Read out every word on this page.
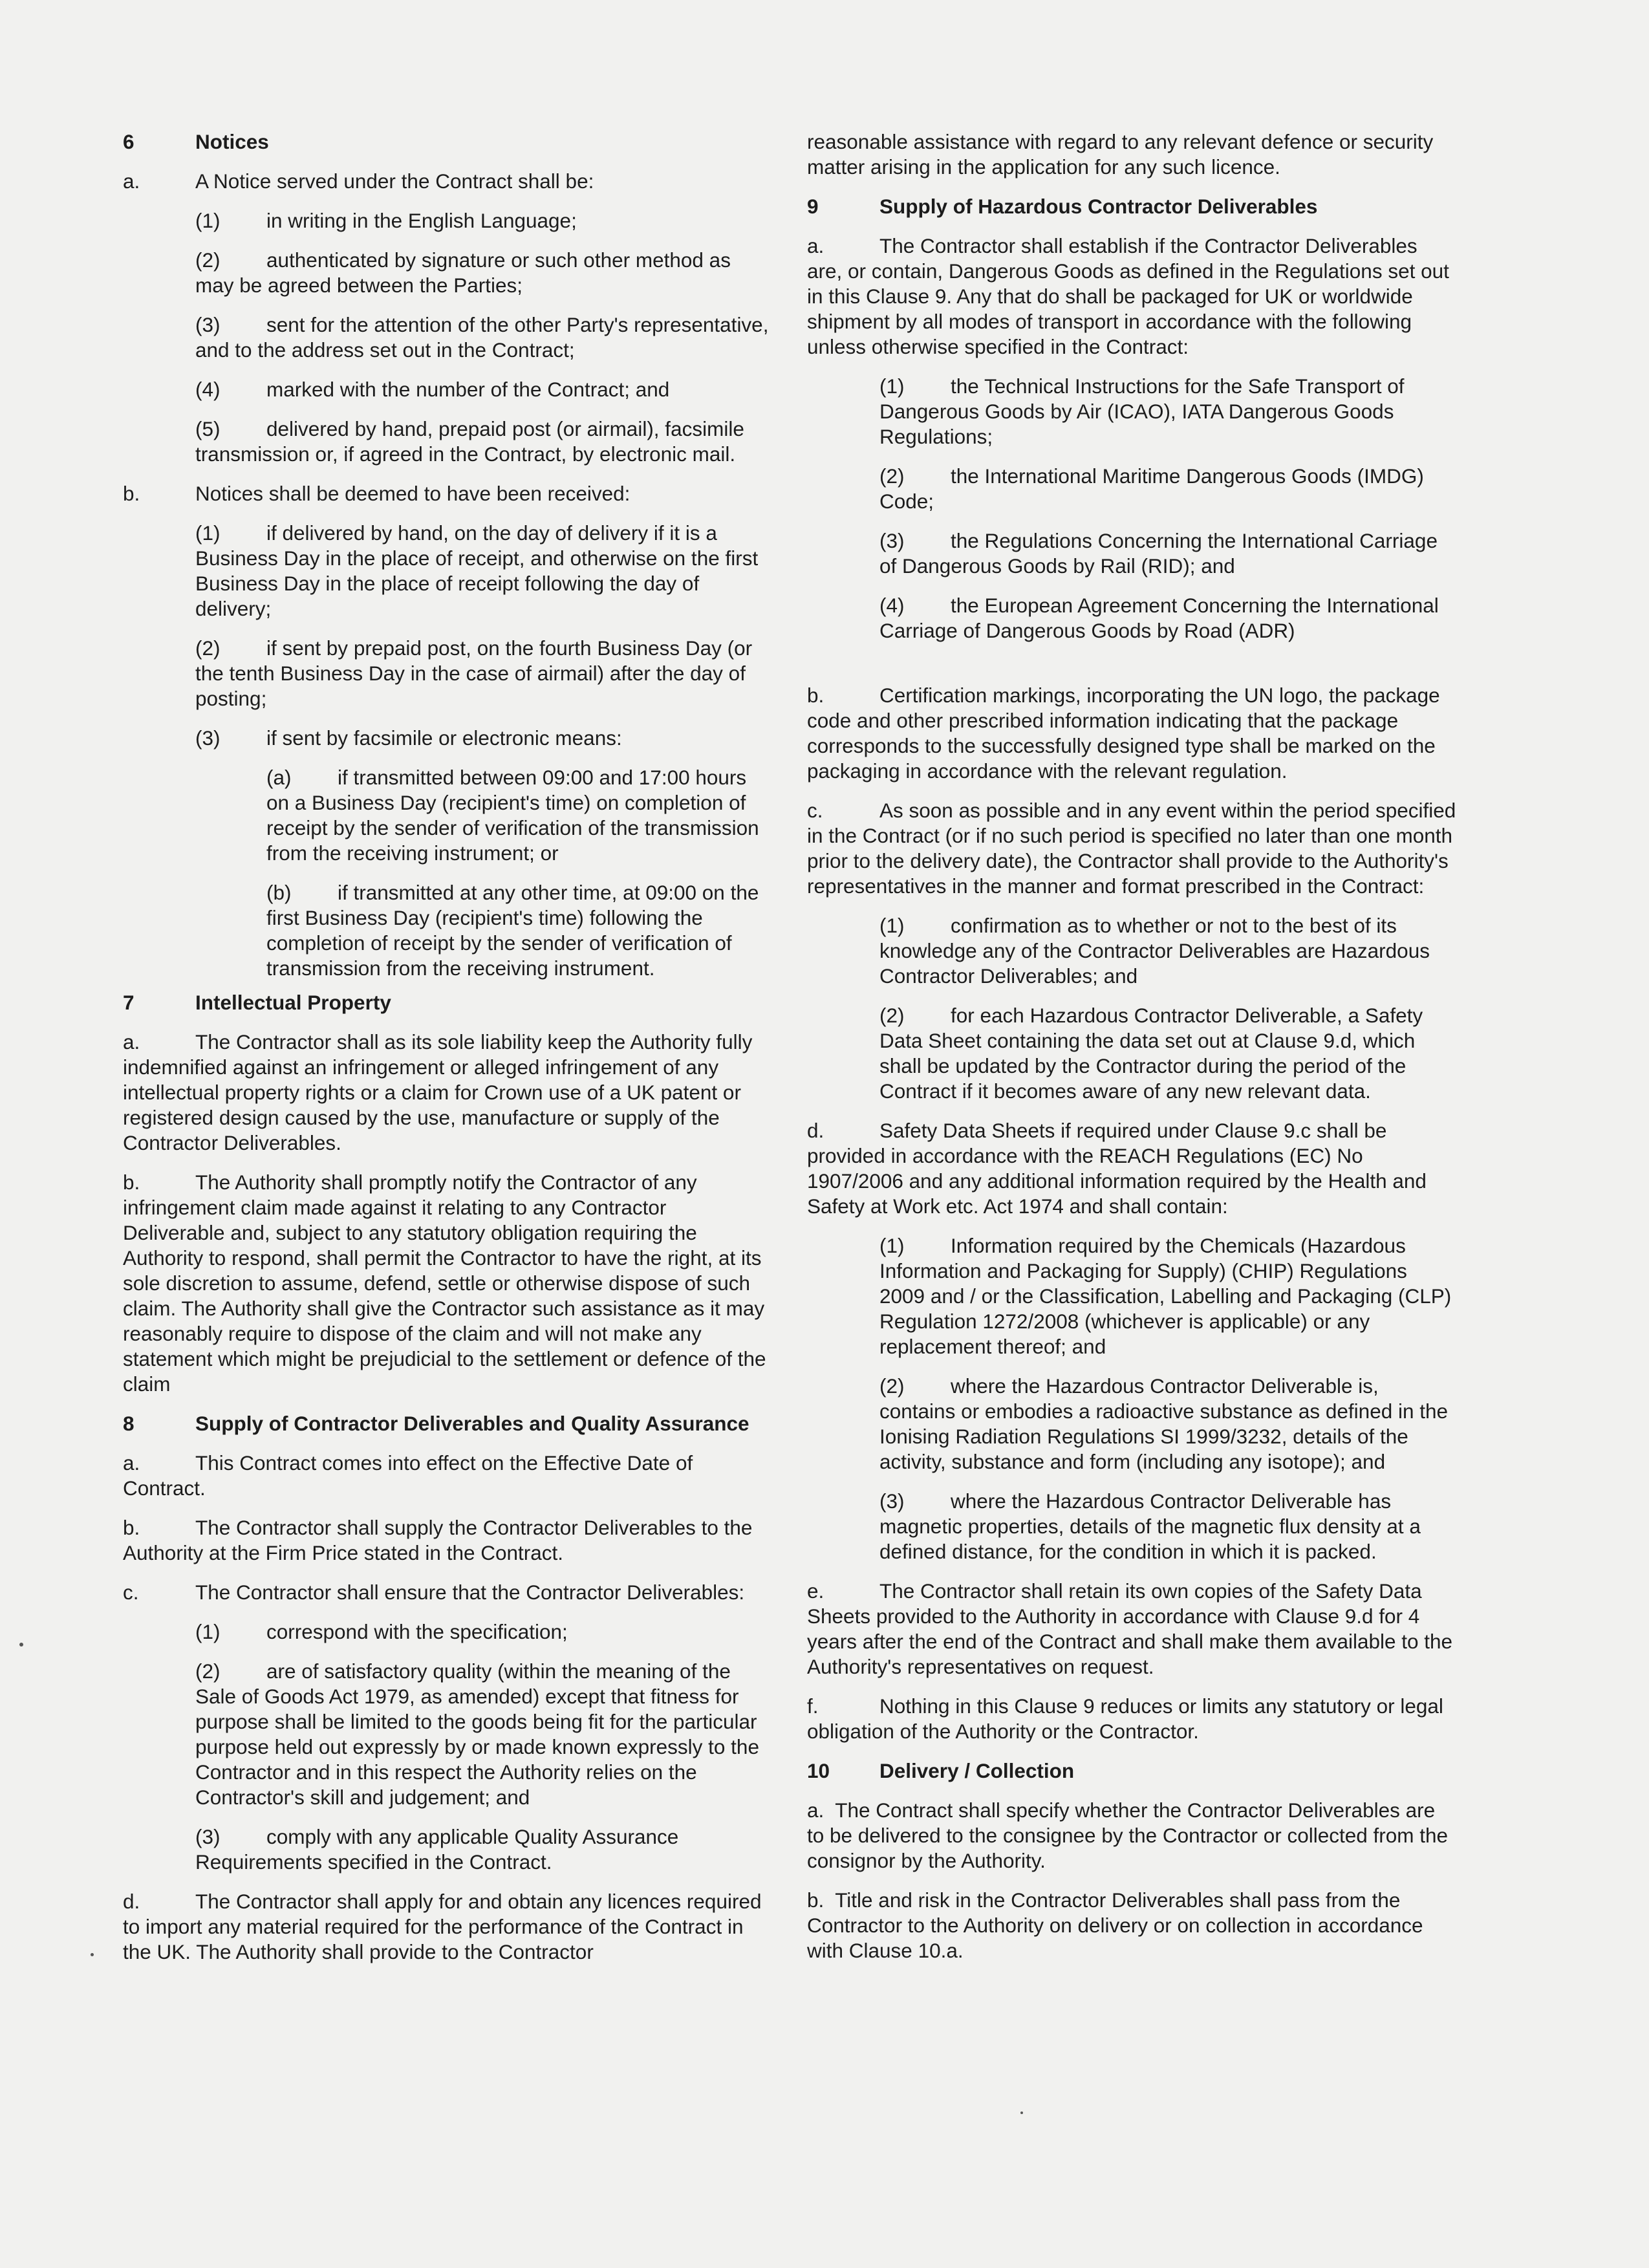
6	Notices
a.	A Notice served under the Contract shall be:
(1) in writing in the English Language;
(2) authenticated by signature or such other method as may be agreed between the Parties;
(3) sent for the attention of the other Party's representative, and to the address set out in the Contract;
(4) marked with the number of the Contract; and
(5) delivered by hand, prepaid post (or airmail), facsimile transmission or, if agreed in the Contract, by electronic mail.
b.	Notices shall be deemed to have been received:
(1) if delivered by hand, on the day of delivery if it is a Business Day in the place of receipt, and otherwise on the first Business Day in the place of receipt following the day of delivery;
(2) if sent by prepaid post, on the fourth Business Day (or the tenth Business Day in the case of airmail) after the day of posting;
(3) if sent by facsimile or electronic means:
(a) if transmitted between 09:00 and 17:00 hours on a Business Day (recipient's time) on completion of receipt by the sender of verification of the transmission from the receiving instrument; or
(b) if transmitted at any other time, at 09:00 on the first Business Day (recipient's time) following the completion of receipt by the sender of verification of transmission from the receiving instrument.
7	Intellectual Property
a.	The Contractor shall as its sole liability keep the Authority fully indemnified against an infringement or alleged infringement of any intellectual property rights or a claim for Crown use of a UK patent or registered design caused by the use, manufacture or supply of the Contractor Deliverables.
b.	The Authority shall promptly notify the Contractor of any infringement claim made against it relating to any Contractor Deliverable and, subject to any statutory obligation requiring the Authority to respond, shall permit the Contractor to have the right, at its sole discretion to assume, defend, settle or otherwise dispose of such claim. The Authority shall give the Contractor such assistance as it may reasonably require to dispose of the claim and will not make any statement which might be prejudicial to the settlement or defence of the claim
8	Supply of Contractor Deliverables and Quality Assurance
a.	This Contract comes into effect on the Effective Date of Contract.
b.	The Contractor shall supply the Contractor Deliverables to the Authority at the Firm Price stated in the Contract.
c.	The Contractor shall ensure that the Contractor Deliverables:
(1) correspond with the specification;
(2) are of satisfactory quality (within the meaning of the Sale of Goods Act 1979, as amended) except that fitness for purpose shall be limited to the goods being fit for the particular purpose held out expressly by or made known expressly to the Contractor and in this respect the Authority relies on the Contractor's skill and judgement; and
(3) comply with any applicable Quality Assurance Requirements specified in the Contract.
d.	The Contractor shall apply for and obtain any licences required to import any material required for the performance of the Contract in the UK. The Authority shall provide to the Contractor
reasonable assistance with regard to any relevant defence or security matter arising in the application for any such licence.
9	Supply of Hazardous Contractor Deliverables
a.	The Contractor shall establish if the Contractor Deliverables are, or contain, Dangerous Goods as defined in the Regulations set out in this Clause 9. Any that do shall be packaged for UK or worldwide shipment by all modes of transport in accordance with the following unless otherwise specified in the Contract:
(1) the Technical Instructions for the Safe Transport of Dangerous Goods by Air (ICAO), IATA Dangerous Goods Regulations;
(2) the International Maritime Dangerous Goods (IMDG) Code;
(3) the Regulations Concerning the International Carriage of Dangerous Goods by Rail (RID); and
(4) the European Agreement Concerning the International Carriage of Dangerous Goods by Road (ADR)
b.	Certification markings, incorporating the UN logo, the package code and other prescribed information indicating that the package corresponds to the successfully designed type shall be marked on the packaging in accordance with the relevant regulation.
c.	As soon as possible and in any event within the period specified in the Contract (or if no such period is specified no later than one month prior to the delivery date), the Contractor shall provide to the Authority's representatives in the manner and format prescribed in the Contract:
(1) confirmation as to whether or not to the best of its knowledge any of the Contractor Deliverables are Hazardous Contractor Deliverables; and
(2) for each Hazardous Contractor Deliverable, a Safety Data Sheet containing the data set out at Clause 9.d, which shall be updated by the Contractor during the period of the Contract if it becomes aware of any new relevant data.
d.	Safety Data Sheets if required under Clause 9.c shall be provided in accordance with the REACH Regulations (EC) No 1907/2006 and any additional information required by the Health and Safety at Work etc. Act 1974 and shall contain:
(1) Information required by the Chemicals (Hazardous Information and Packaging for Supply) (CHIP) Regulations 2009 and / or the Classification, Labelling and Packaging (CLP) Regulation 1272/2008 (whichever is applicable) or any replacement thereof; and
(2) where the Hazardous Contractor Deliverable is, contains or embodies a radioactive substance as defined in the Ionising Radiation Regulations SI 1999/3232, details of the activity, substance and form (including any isotope); and
(3) where the Hazardous Contractor Deliverable has magnetic properties, details of the magnetic flux density at a defined distance, for the condition in which it is packed.
e.	The Contractor shall retain its own copies of the Safety Data Sheets provided to the Authority in accordance with Clause 9.d for 4 years after the end of the Contract and shall make them available to the Authority's representatives on request.
f.	Nothing in this Clause 9 reduces or limits any statutory or legal obligation of the Authority or the Contractor.
10	Delivery / Collection
a. The Contract shall specify whether the Contractor Deliverables are to be delivered to the consignee by the Contractor or collected from the consignor by the Authority.
b. Title and risk in the Contractor Deliverables shall pass from the Contractor to the Authority on delivery or on collection in accordance with Clause 10.a.
